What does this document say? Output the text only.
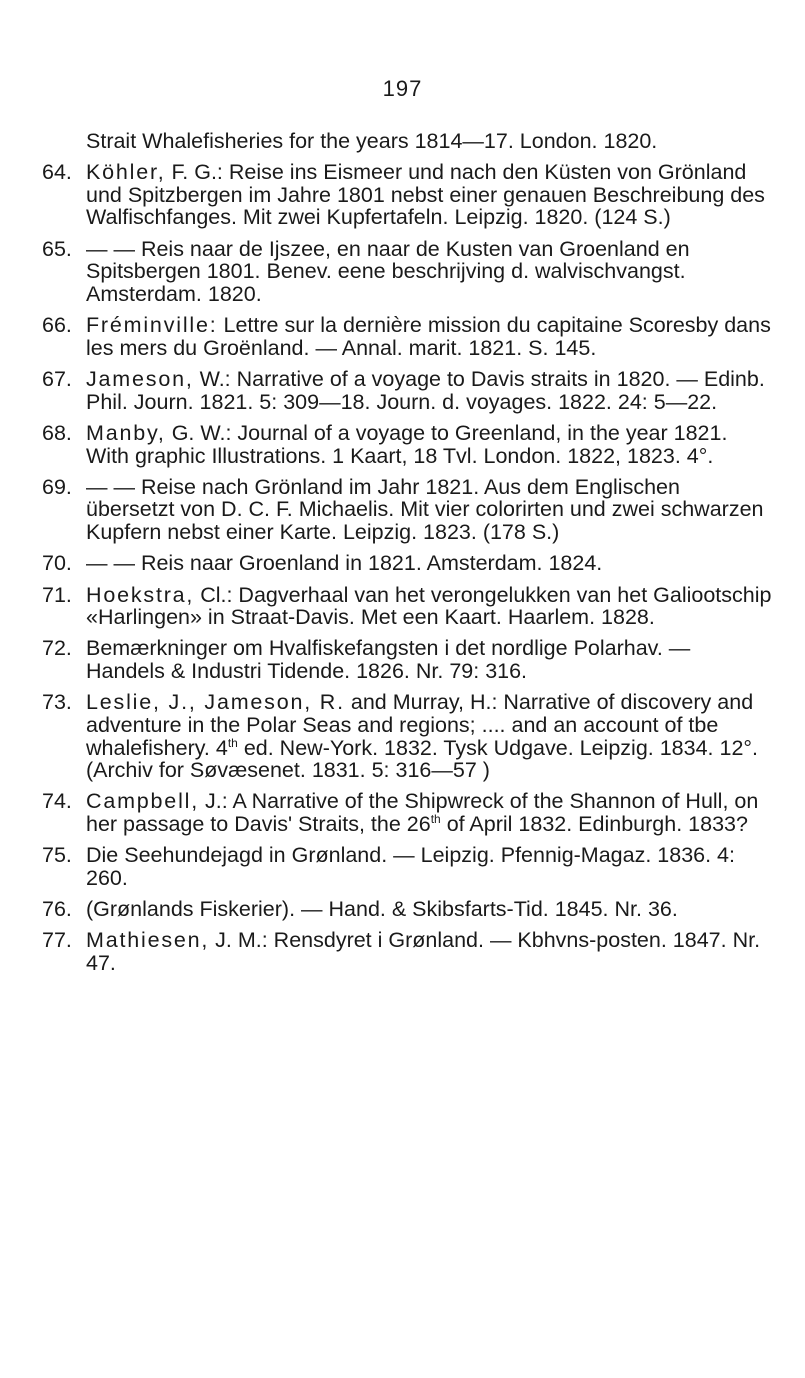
197
Strait Whalefisheries for the years 1814—17. London. 1820.
64. Köhler, F. G.: Reise ins Eismeer und nach den Küsten von Grönland und Spitzbergen im Jahre 1801 nebst einer genauen Beschreibung des Walfischfanges. Mit zwei Kupfertafeln. Leipzig. 1820. (124 S.)
65. — — Reis naar de Ijszee, en naar de Kusten van Groenland en Spitsbergen 1801. Benev. eene beschrijving d. walvischvangst. Amsterdam. 1820.
66. Fréminville: Lettre sur la dernière mission du capitaine Scoresby dans les mers du Groënland. — Annal. marit. 1821. S. 145.
67. Jameson, W.: Narrative of a voyage to Davis straits in 1820. — Edinb. Phil. Journ. 1821. 5: 309—18. Journ. d. voyages. 1822. 24: 5—22.
68. Manby, G. W.: Journal of a voyage to Greenland, in the year 1821. With graphic Illustrations. 1 Kaart, 18 Tvl. London. 1822, 1823. 4°.
69. — — Reise nach Grönland im Jahr 1821. Aus dem Englischen übersetzt von D. C. F. Michaelis. Mit vier colorirten und zwei schwarzen Kupfern nebst einer Karte. Leipzig. 1823. (178 S.)
70. — — Reis naar Groenland in 1821. Amsterdam. 1824.
71. Hoekstra, Cl.: Dagverhaal van het verongelukken van het Galiootschip «Harlingen» in Straat-Davis. Met een Kaart. Haarlem. 1828.
72. Bemærkninger om Hvalfiskefangsten i det nordlige Polarhav. — Handels & Industri Tidende. 1826. Nr. 79: 316.
73. Leslie, J., Jameson, R. and Murray, H.: Narrative of discovery and adventure in the Polar Seas and regions; .... and an account of tbe whalefishery. 4th ed. New-York. 1832. Tysk Udgave. Leipzig. 1834. 12°. (Archiv for Søvæsenet. 1831. 5: 316—57 )
74. Campbell, J.: A Narrative of the Shipwreck of the Shannon of Hull, on her passage to Davis' Straits, the 26th of April 1832. Edinburgh. 1833?
75. Die Seehundejagd in Grønland. — Leipzig. Pfennig-Magaz. 1836. 4: 260.
76. (Grønlands Fiskerier). — Hand. & Skibsfarts-Tid. 1845. Nr. 36.
77. Mathiesen, J. M.: Rensdyret i Grønland. — Kbhvns-posten. 1847. Nr. 47.
